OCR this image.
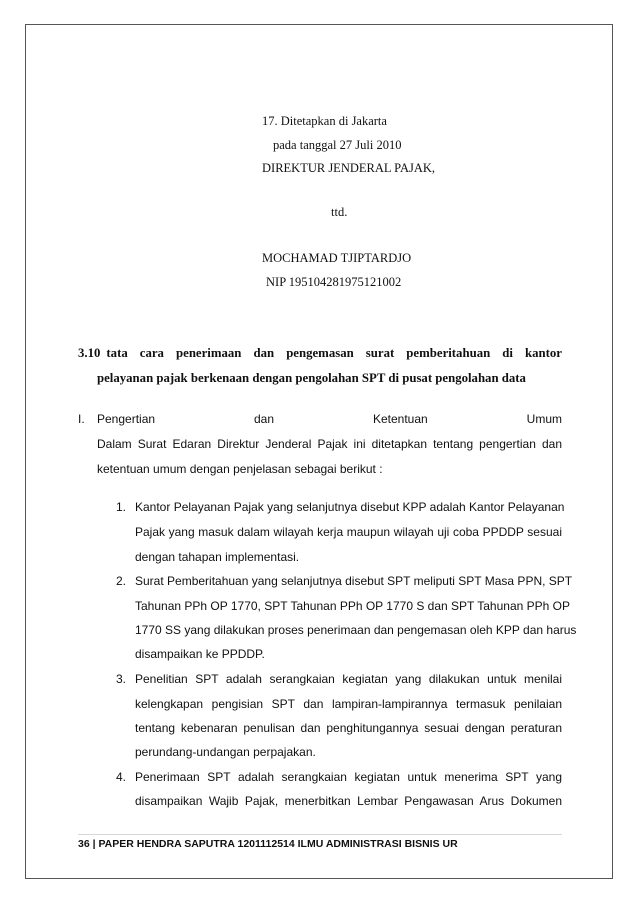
17. Ditetapkan di Jakarta
pada tanggal 27 Juli 2010
DIREKTUR JENDERAL PAJAK,
ttd.
MOCHAMAD TJIPTARDJO
NIP 195104281975121002
3.10 tata cara penerimaan dan pengemasan surat pemberitahuan di kantor
pelayanan pajak berkenaan dengan pengolahan SPT di pusat pengolahan data
I. Pengertian	dan	Ketentuan	Umum
Dalam Surat Edaran Direktur Jenderal Pajak ini ditetapkan tentang pengertian dan
ketentuan umum dengan penjelasan sebagai berikut :
1. Kantor Pelayanan Pajak yang selanjutnya disebut KPP adalah Kantor Pelayanan
Pajak yang masuk dalam wilayah kerja maupun wilayah uji coba PPDDP sesuai
dengan tahapan implementasi.
2. Surat Pemberitahuan yang selanjutnya disebut SPT meliputi SPT Masa PPN, SPT
Tahunan PPh OP 1770, SPT Tahunan PPh OP 1770 S dan SPT Tahunan PPh OP
1770 SS yang dilakukan proses penerimaan dan pengemasan oleh KPP dan harus
disampaikan ke PPDDP.
3. Penelitian SPT adalah serangkaian kegiatan yang dilakukan untuk menilai
kelengkapan pengisian SPT dan lampiran-lampirannya termasuk penilaian
tentang kebenaran penulisan dan penghitungannya sesuai dengan peraturan
perundang-undangan perpajakan.
4. Penerimaan SPT adalah serangkaian kegiatan untuk menerima SPT yang
disampaikan Wajib Pajak, menerbitkan Lembar Pengawasan Arus Dokumen
36 | PAPER HENDRA SAPUTRA 1201112514 ILMU ADMINISTRASI BISNIS UR
